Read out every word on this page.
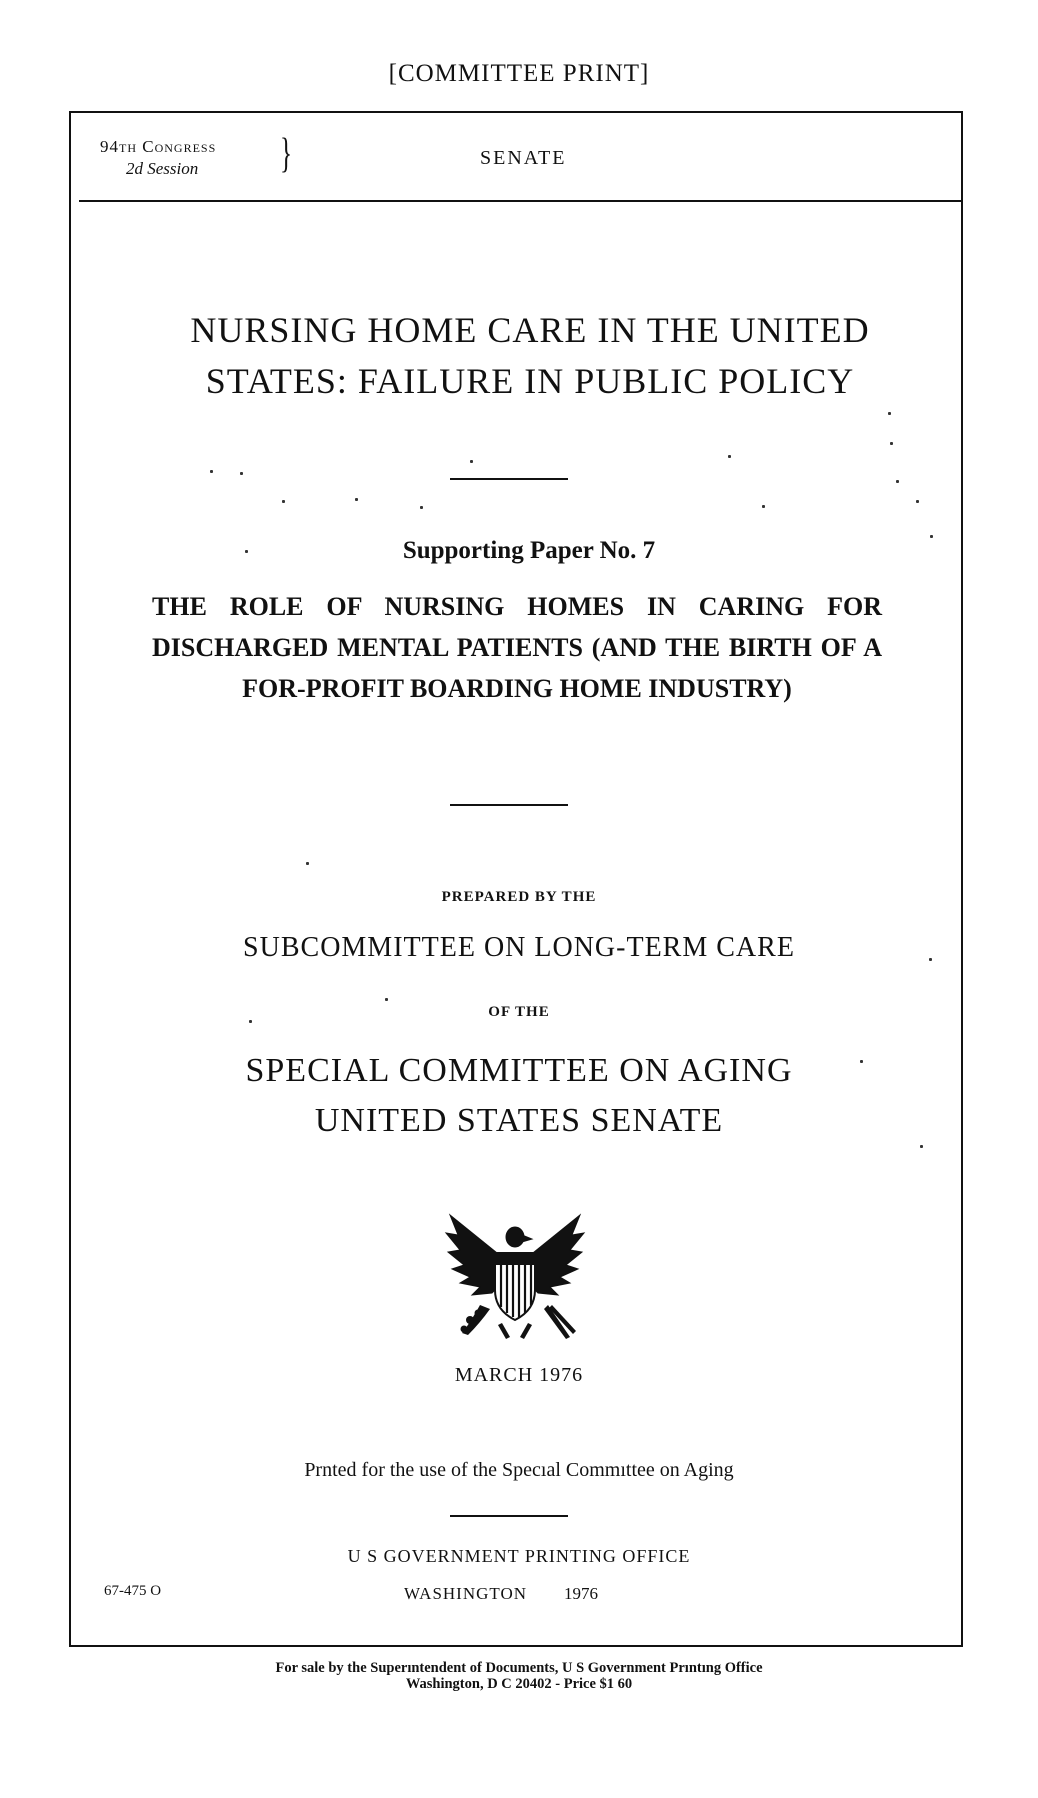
[COMMITTEE PRINT]
94th Congress
2d Session	}	SENATE
NURSING HOME CARE IN THE UNITED
STATES: FAILURE IN PUBLIC POLICY
Supporting Paper No. 7
THE ROLE OF NURSING HOMES IN CARING FOR DISCHARGED MENTAL PATIENTS (AND THE BIRTH OF A FOR-PROFIT BOARDING HOME INDUSTRY)
PREPARED BY THE
SUBCOMMITTEE ON LONG-TERM CARE
OF THE
SPECIAL COMMITTEE ON AGING
UNITED STATES SENATE
MARCH 1976
Prnted for the use of the Specıal Commıttee on Aging
U S GOVERNMENT PRINTING OFFICE
WASHINGTON 1976
67-475 O
For sale by the Superıntendent of Documents, U S Government Prıntıng Office
Washington, D C 20402 - Price $1 60
